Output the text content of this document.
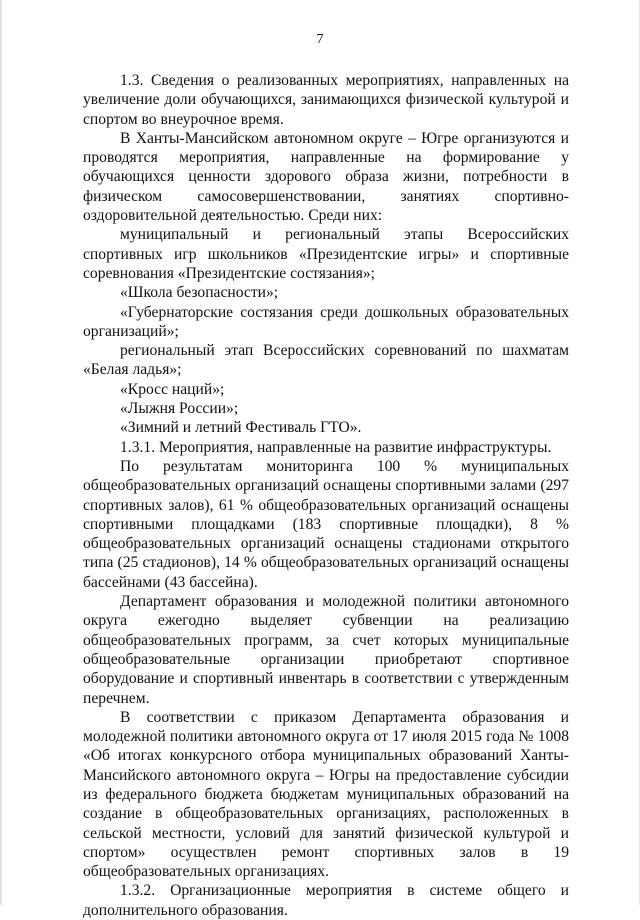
7

1.3. Сведения о реализованных мероприятиях, направленных на увеличение доли обучающихся, занимающихся физической культурой и спортом во внеурочное время.

В Ханты-Мансийском автономном округе – Югре организуются и проводятся мероприятия, направленные на формирование у обучающихся ценности здорового образа жизни, потребности в физическом самосовершенствовании, занятиях спортивно-оздоровительной деятельностью. Среди них:

муниципальный и региональный этапы Всероссийских спортивных игр школьников «Президентские игры» и спортивные соревнования «Президентские состязания»;

«Школа безопасности»;

«Губернаторские состязания среди дошкольных образовательных организаций»;

региональный этап Всероссийских соревнований по шахматам «Белая ладья»;

«Кросс наций»;

«Лыжня России»;

«Зимний и летний Фестиваль ГТО».

1.3.1. Мероприятия, направленные на развитие инфраструктуры.

По результатам мониторинга 100 % муниципальных общеобразовательных организаций оснащены спортивными залами (297 спортивных залов), 61 % общеобразовательных организаций оснащены спортивными площадками (183 спортивные площадки), 8 % общеобразовательных организаций оснащены стадионами открытого типа (25 стадионов), 14 % общеобразовательных организаций оснащены бассейнами (43 бассейна).

Департамент образования и молодежной политики автономного округа ежегодно выделяет субвенции на реализацию общеобразовательных программ, за счет которых муниципальные общеобразовательные организации приобретают спортивное оборудование и спортивный инвентарь в соответствии с утвержденным перечнем.

В соответствии с приказом Департамента образования и молодежной политики автономного округа от 17 июля 2015 года № 1008 «Об итогах конкурсного отбора муниципальных образований Ханты-Мансийского автономного округа – Югры на предоставление субсидии из федерального бюджета бюджетам муниципальных образований на создание в общеобразовательных организациях, расположенных в сельской местности, условий для занятий физической культурой и спортом» осуществлен ремонт спортивных залов в 19 общеобразовательных организациях.

1.3.2. Организационные мероприятия в системе общего и дополнительного образования.
